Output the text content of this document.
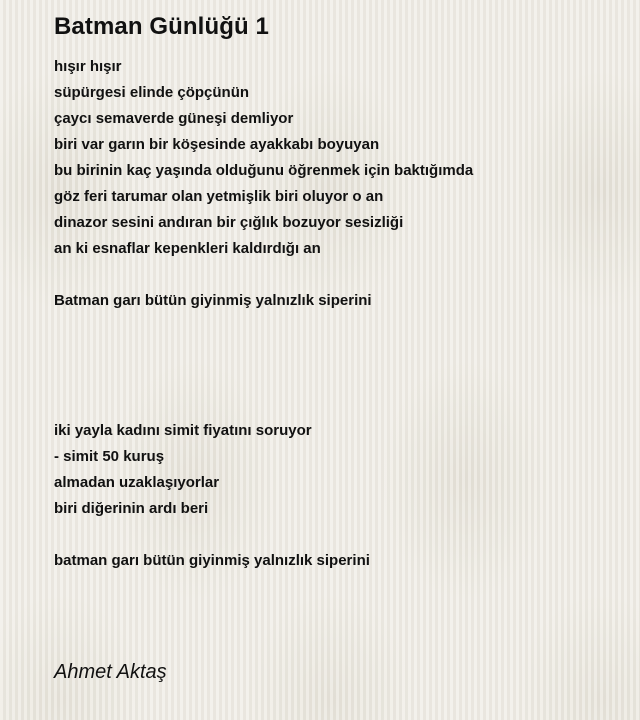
Batman Günlüğü 1
hışır hışır
süpürgesi elinde çöpçünün
çaycı semaverde güneşi demliyor
biri var garın bir köşesinde ayakkabı boyuyan
bu birinin kaç yaşında olduğunu öğrenmek için baktığımda
göz feri tarumar olan yetmişlik biri oluyor o an
dinazor sesini andıran bir çığlık bozuyor sesizliği
an ki esnaflar kepenkleri kaldırdığı an
Batman garı bütün giyinmiş yalnızlık siperini
iki yayla kadını simit fiyatını soruyor
- simit 50 kuruş
almadan uzaklaşıyorlar
biri diğerinin ardı beri
batman garı bütün giyinmiş yalnızlık siperini
Ahmet Aktaş
